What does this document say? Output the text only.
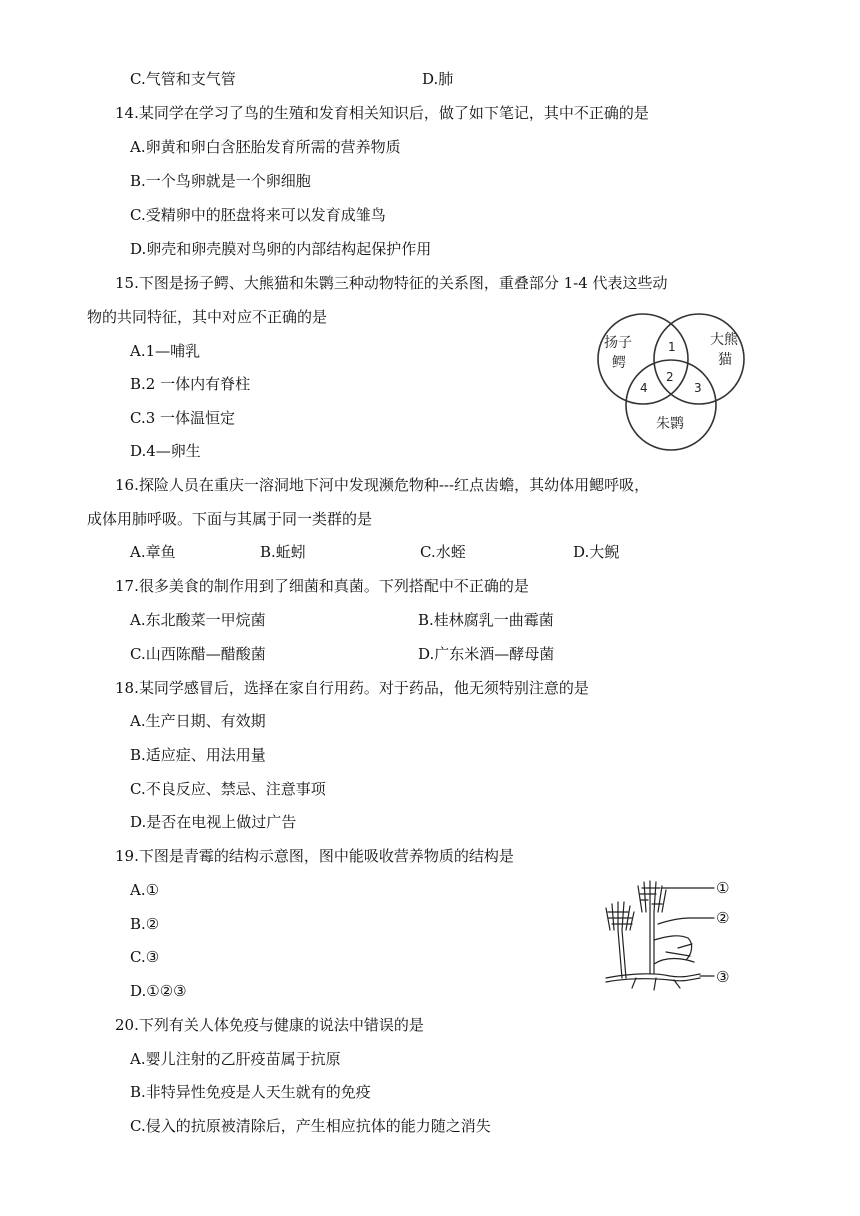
C.气管和支气管	D.肺
14.某同学在学习了鸟的生殖和发育相关知识后，做了如下笔记，其中不正确的是
A.卵黄和卵白含胚胎发育所需的营养物质
B.一个鸟卵就是一个卵细胞
C.受精卵中的胚盘将来可以发育成雏鸟
D.卵壳和卵壳膜对鸟卵的内部结构起保护作用
15.下图是扬子鳄、大熊猫和朱鹮三种动物特征的关系图，重叠部分 1-4 代表这些动
物的共同特征，其中对应不正确的是
A.1—哺乳
B.2 一体内有脊柱
C.3 一体温恒定
D.4—卵生
扬子
鳄
大熊
猫
朱鹮
1
2
3
4
16.探险人员在重庆一溶洞地下河中发现濒危物种---红点齿蟾，其幼体用鳃呼吸，
成体用肺呼吸。下面与其属于同一类群的是
A.章鱼	B.蚯蚓	C.水蛭	D.大鲵
17.很多美食的制作用到了细菌和真菌。下列搭配中不正确的是
A.东北酸菜一甲烷菌	B.桂林腐乳一曲霉菌
C.山西陈醋—醋酸菌	D.广东米酒—酵母菌
18.某同学感冒后，选择在家自行用药。对于药品，他无须特别注意的是
A.生产日期、有效期
B.适应症、用法用量
C.不良反应、禁忌、注意事项
D.是否在电视上做过广告
19.下图是青霉的结构示意图，图中能吸收营养物质的结构是
A.①
B.②
C.③
D.①②③
①
②
③
20.下列有关人体免疫与健康的说法中错误的是
A.婴儿注射的乙肝疫苗属于抗原
B.非特异性免疫是人天生就有的免疫
C.侵入的抗原被清除后，产生相应抗体的能力随之消失
